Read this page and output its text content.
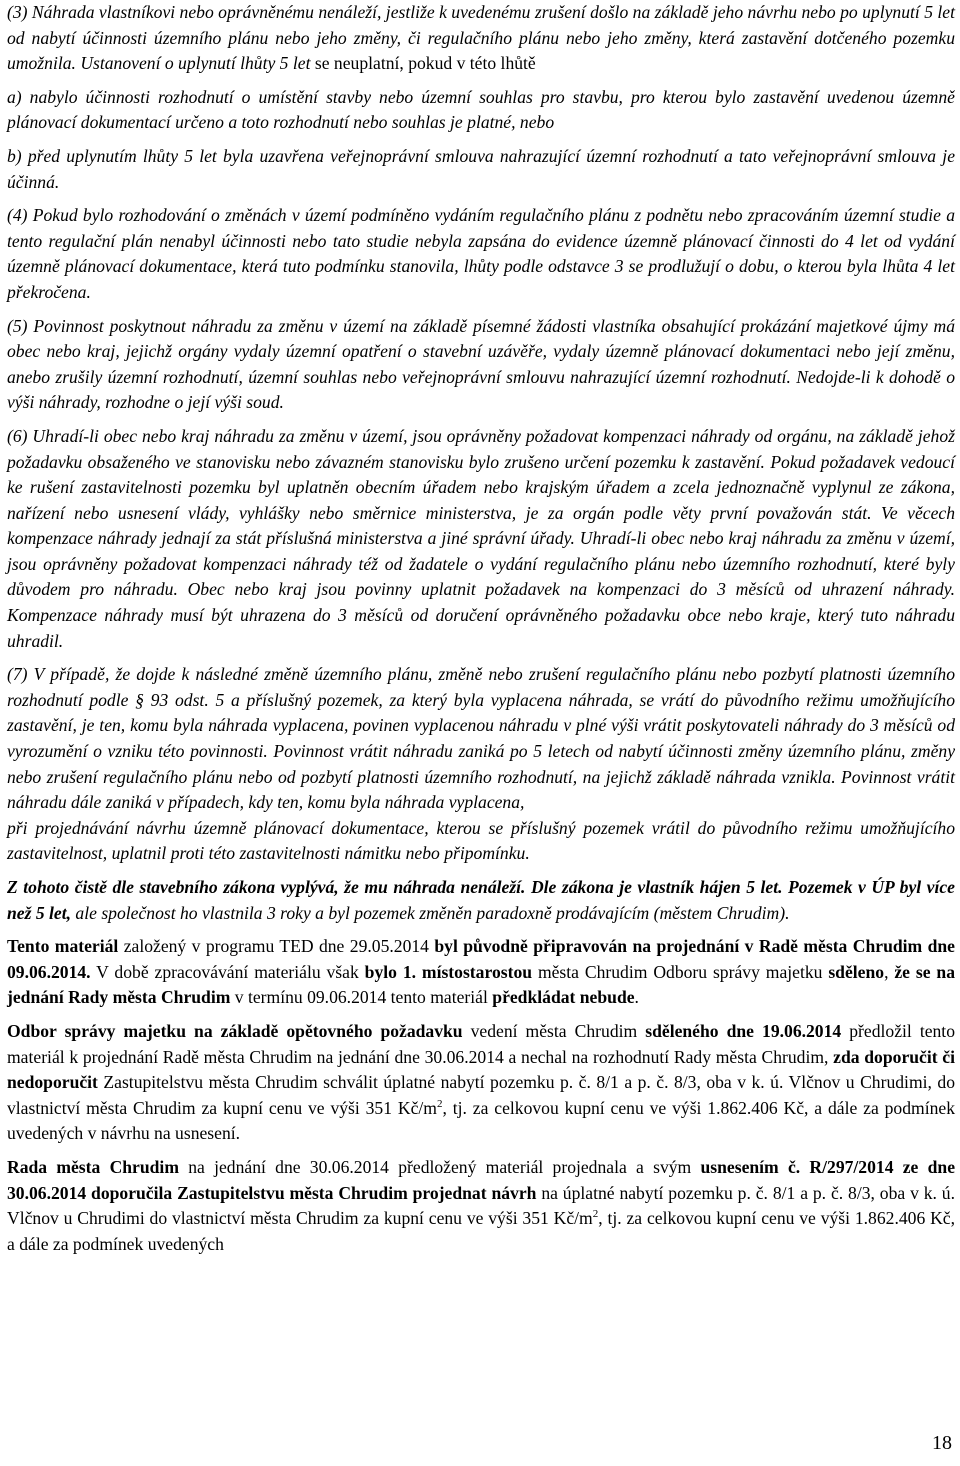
(3) Náhrada vlastníkovi nebo oprávněnému nenáleží, jestliže k uvedenému zrušení došlo na základě jeho návrhu nebo po uplynutí 5 let od nabytí účinnosti územního plánu nebo jeho změny, či regulačního plánu nebo jeho změny, která zastavění dotčeného pozemku umožnila. Ustanovení o uplynutí lhůty 5 let se neuplatní, pokud v této lhůtě

a) nabylo účinnosti rozhodnutí o umístění stavby nebo územní souhlas pro stavbu, pro kterou bylo zastavění uvedenou územně plánovací dokumentací určeno a toto rozhodnutí nebo souhlas je platné, nebo

b) před uplynutím lhůty 5 let byla uzavřena veřejnoprávní smlouva nahrazující územní rozhodnutí a tato veřejnoprávní smlouva je účinná.

(4) Pokud bylo rozhodování o změnách v území podmíněno vydáním regulačního plánu z podnětu nebo zpracováním územní studie a tento regulační plán nenabyl účinnosti nebo tato studie nebyla zapsána do evidence územně plánovací činnosti do 4 let od vydání územně plánovací dokumentace, která tuto podmínku stanovila, lhůty podle odstavce 3 se prodlužují o dobu, o kterou byla lhůta 4 let překročena.

(5) Povinnost poskytnout náhradu za změnu v území na základě písemné žádosti vlastníka obsahující prokázání majetkové újmy má obec nebo kraj, jejichž orgány vydaly územní opatření o stavební uzávěře, vydaly územně plánovací dokumentaci nebo její změnu, anebo zrušily územní rozhodnutí, územní souhlas nebo veřejnoprávní smlouvu nahrazující územní rozhodnutí. Nedojde-li k dohodě o výši náhrady, rozhodne o její výši soud.

(6) Uhradí-li obec nebo kraj náhradu za změnu v území, jsou oprávněny požadovat kompenzaci náhrady od orgánu, na základě jehož požadavku obsaženého ve stanovisku nebo závazném stanovisku bylo zrušeno určení pozemku k zastavění. Pokud požadavek vedoucí ke rušení zastavitelnosti pozemku byl uplatněn obecním úřadem nebo krajským úřadem a zcela jednoznačně vyplynul ze zákona, nařízení nebo usnesení vlády, vyhlášky nebo směrnice ministerstva, je za orgán podle věty první považován stát. Ve věcech kompenzace náhrady jednají za stát příslušná ministerstva a jiné správní úřady. Uhradí-li obec nebo kraj náhradu za změnu v území, jsou oprávněny požadovat kompenzaci náhrady též od žadatele o vydání regulačního plánu nebo územního rozhodnutí, které byly důvodem pro náhradu. Obec nebo kraj jsou povinny uplatnit požadavek na kompenzaci do 3 měsíců od uhrazení náhrady. Kompenzace náhrady musí být uhrazena do 3 měsíců od doručení oprávněného požadavku obce nebo kraje, který tuto náhradu uhradil.

(7) V případě, že dojde k následné změně územního plánu, změně nebo zrušení regulačního plánu nebo pozbytí platnosti územního rozhodnutí podle § 93 odst. 5 a příslušný pozemek, za který byla vyplacena náhrada, se vrátí do původního režimu umožňujícího zastavění, je ten, komu byla náhrada vyplacena, povinen vyplacenou náhradu v plné výši vrátit poskytovateli náhrady do 3 měsíců od vyrozumění o vzniku této povinnosti. Povinnost vrátit náhradu zaniká po 5 letech od nabytí účinnosti změny územního plánu, změny nebo zrušení regulačního plánu nebo od pozbytí platnosti územního rozhodnutí, na jejichž základě náhrada vznikla. Povinnost vrátit náhradu dále zaniká v případech, kdy ten, komu byla náhrada vyplacena,

při projednávání návrhu územně plánovací dokumentace, kterou se příslušný pozemek vrátil do původního režimu umožňujícího zastavitelnost, uplatnil proti této zastavitelnosti námitku nebo připomínku.

Z tohoto čistě dle stavebního zákona vyplývá, že mu náhrada nenáleží. Dle zákona je vlastník hájen 5 let. Pozemek v ÚP byl více než 5 let, ale společnost ho vlastnila 3 roky a byl pozemek změněn paradoxně prodávajícím (městem Chrudim).

Tento materiál založený v programu TED dne 29.05.2014 byl původně připravován na projednání v Radě města Chrudim dne 09.06.2014. V době zpracovávání materiálu však bylo 1. místostarostou města Chrudim Odboru správy majetku sděleno, že se na jednání Rady města Chrudim v termínu 09.06.2014 tento materiál předkládat nebude.

Odbor správy majetku na základě opětovného požadavku vedení města Chrudim sděleného dne 19.06.2014 předložil tento materiál k projednání Radě města Chrudim na jednání dne 30.06.2014 a nechal na rozhodnutí Rady města Chrudim, zda doporučit či nedoporučit Zastupitelstvu města Chrudim schválit úplatné nabytí pozemku p. č. 8/1 a p. č. 8/3, oba v k. ú. Vlčnov u Chrudimi, do vlastnictví města Chrudim za kupní cenu ve výši 351 $Kč/m^2$, tj. za celkovou kupní cenu ve výši 1.862.406 Kč, a dále za podmínek uvedených v návrhu na usnesení.

Rada města Chrudim na jednání dne 30.06.2014 předložený materiál projednala a svým usnesením č. R/297/2014 ze dne 30.06.2014 doporučila Zastupitelstvu města Chrudim projednat návrh na úplatné nabytí pozemku p. č. 8/1 a p. č. 8/3, oba v k. ú. Vlčnov u Chrudimi do vlastnictví města Chrudim za kupní cenu ve výši 351 $Kč/m^2$, tj. za celkovou kupní cenu ve výši 1.862.406 Kč, a dále za podmínek uvedených

18
